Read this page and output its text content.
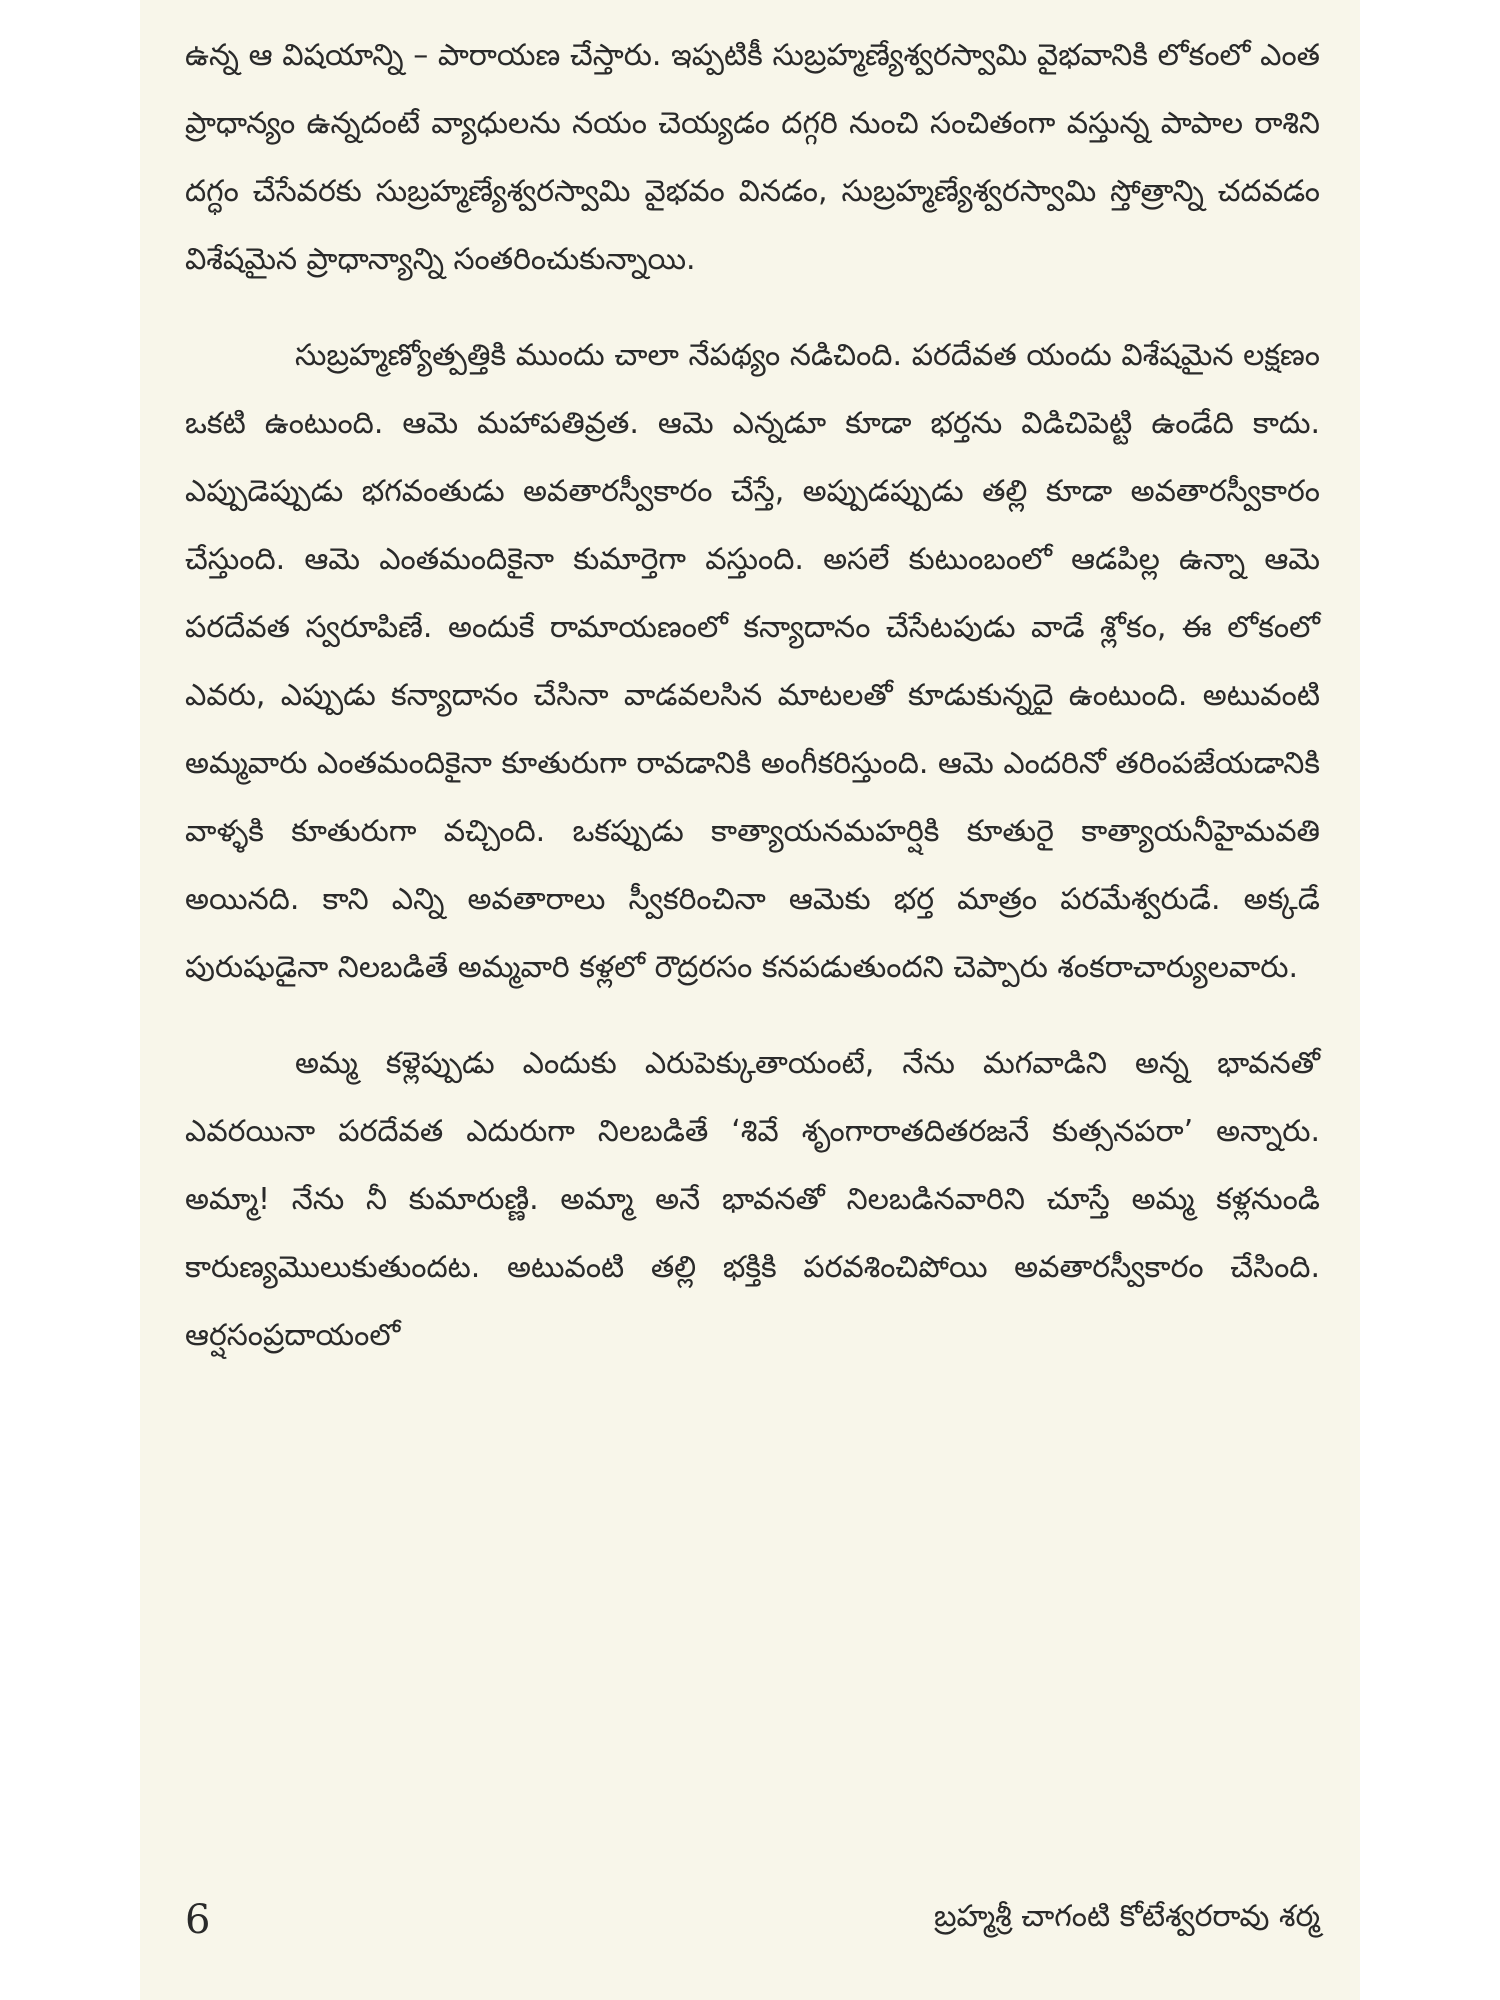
ఉన్న ఆ విషయాన్ని – పారాయణ చేస్తారు. ఇప్పటికీ సుబ్రహ్మణ్యేశ్వరస్వామి వైభవానికి లోకంలో ఎంత ప్రాధాన్యం ఉన్నదంటే వ్యాధులను నయం చెయ్యడం దగ్గరి నుంచి సంచితంగా వస్తున్న పాపాల రాశిని దగ్ధం చేసేవరకు సుబ్రహ్మణ్యేశ్వరస్వామి వైభవం వినడం, సుబ్రహ్మణ్యేశ్వరస్వామి స్తోత్రాన్ని చదవడం విశేషమైన ప్రాధాన్యాన్ని సంతరించుకున్నాయి.

సుబ్రహ్మణ్యోత్పత్తికి ముందు చాలా నేపథ్యం నడిచింది. పరదేవత యందు విశేషమైన లక్షణం ఒకటి ఉంటుంది. ఆమె మహాపతివ్రత. ఆమె ఎన్నడూ కూడా భర్తను విడిచిపెట్టి ఉండేది కాదు. ఎప్పుడెప్పుడు భగవంతుడు అవతారస్వీకారం చేస్తే, అప్పుడప్పుడు తల్లి కూడా అవతారస్వీకారం చేస్తుంది. ఆమె ఎంతమందికైనా కుమార్తెగా వస్తుంది. అసలే కుటుంబంలో ఆడపిల్ల ఉన్నా ఆమె పరదేవత స్వరూపిణే. అందుకే రామాయణంలో కన్యాదానం చేసేటపుడు వాడే శ్లోకం, ఈ లోకంలో ఎవరు, ఎప్పుడు కన్యాదానం చేసినా వాడవలసిన మాటలతో కూడుకున్నదై ఉంటుంది. అటువంటి అమ్మవారు ఎంతమందికైనా కూతురుగా రావడానికి అంగీకరిస్తుంది. ఆమె ఎందరినో తరింపజేయడానికి వాళ్ళకి కూతురుగా వచ్చింది. ఒకప్పుడు కాత్యాయనమహర్షికి కూతురై కాత్యాయనీహైమవతి అయినది. కాని ఎన్ని అవతారాలు స్వీకరించినా ఆమెకు భర్త మాత్రం పరమేశ్వరుడే. అక్కడే పురుషుడైనా నిలబడితే అమ్మవారి కళ్లలో రౌద్రరసం కనపడుతుందని చెప్పారు శంకరాచార్యులవారు.

అమ్మ కళ్లెప్పుడు ఎందుకు ఎరుపెక్కుతాయంటే, నేను మగవాడిని అన్న భావనతో ఎవరయినా పరదేవత ఎదురుగా నిలబడితే ‘శివే శృంగారాతదితరజనే కుత్సనపరా’ అన్నారు. అమ్మా! నేను నీ కుమారుణ్ణి. అమ్మా అనే భావనతో నిలబడినవారిని చూస్తే అమ్మ కళ్లనుండి కారుణ్యమొలుకుతుందట. అటువంటి తల్లి భక్తికి పరవశించిపోయి అవతారస్వీకారం చేసింది. ఆర్షసంప్రదాయంలో

6	బ్రహ్మశ్రీ చాగంటి కోటేశ్వరరావు శర్మ
